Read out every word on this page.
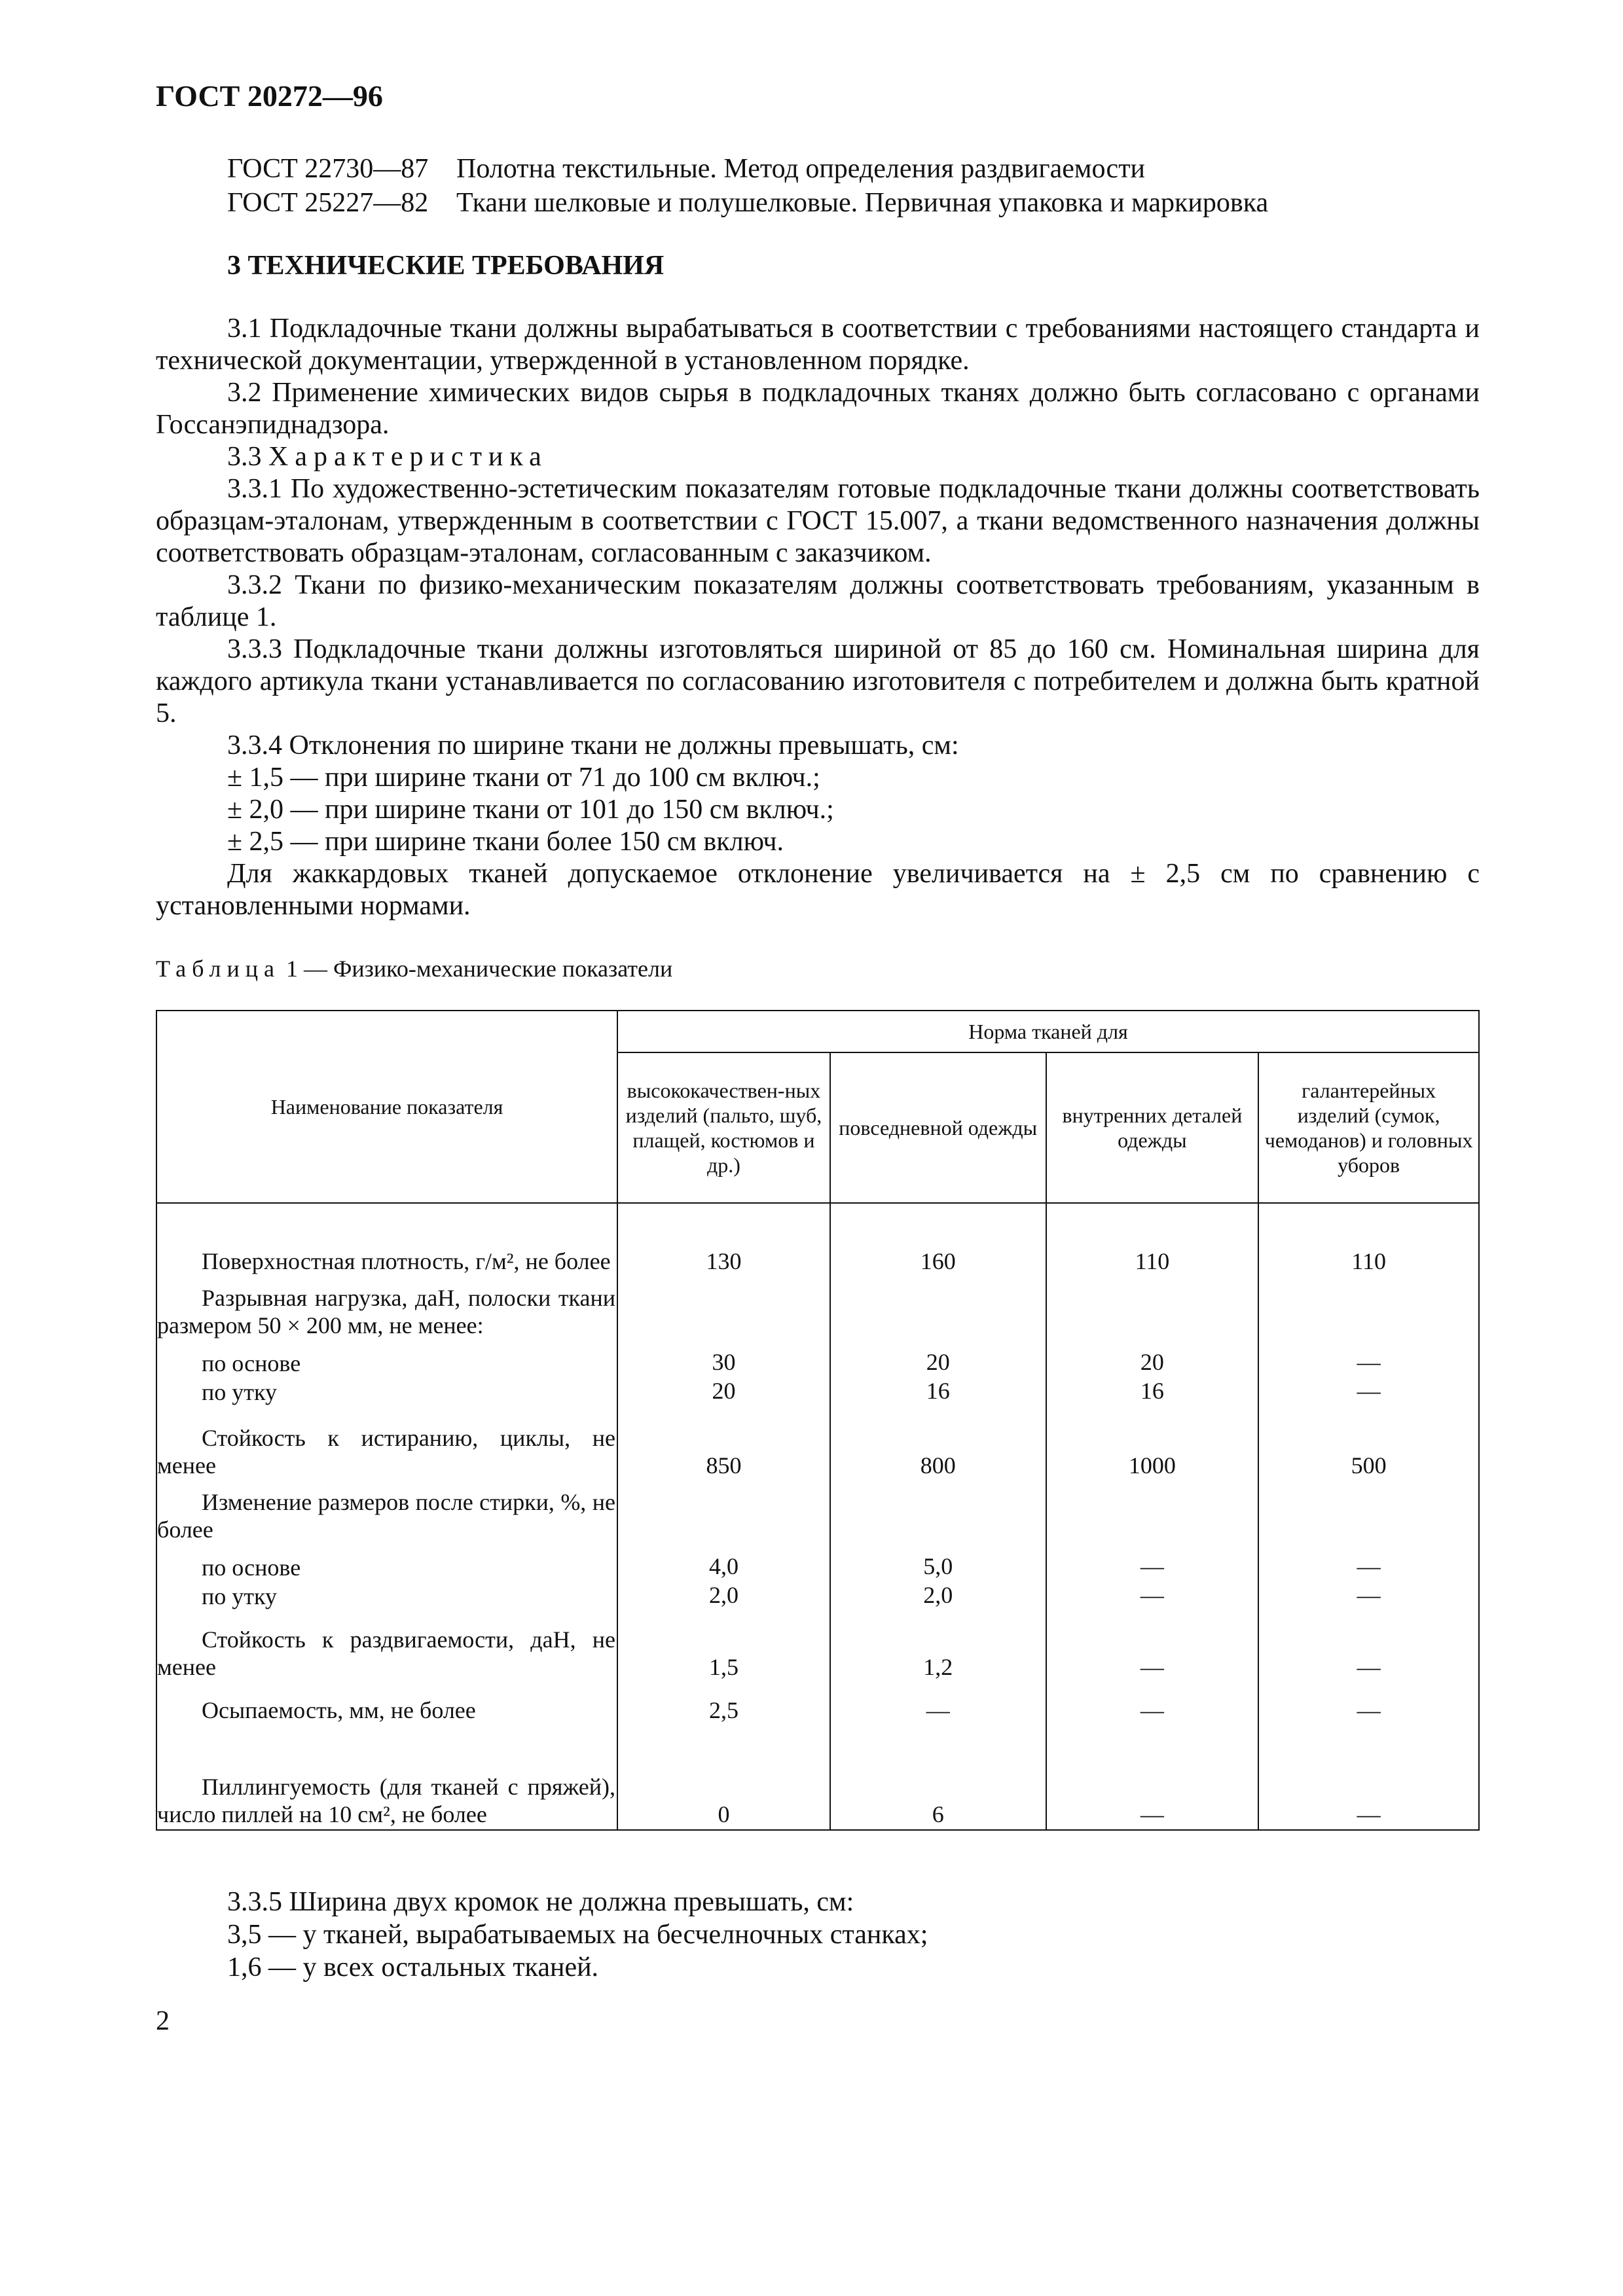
ГОСТ 20272—96
ГОСТ 22730—87 Полотна текстильные. Метод определения раздвигаемости
ГОСТ 25227—82 Ткани шелковые и полушелковые. Первичная упаковка и маркировка
3 ТЕХНИЧЕСКИЕ ТРЕБОВАНИЯ

3.1 Подкладочные ткани должны вырабатываться в соответствии с требованиями настоящего стандарта и технической документации, утвержденной в установленном порядке.

3.2 Применение химических видов сырья в подкладочных тканях должно быть согласовано с органами Госсанэпиднадзора.

3.3 Характеристика

3.3.1 По художественно-эстетическим показателям готовые подкладочные ткани должны соответствовать образцам-эталонам, утвержденным в соответствии с ГОСТ 15.007, а ткани ведомственного назначения должны соответствовать образцам-эталонам, согласованным с заказчиком.

3.3.2 Ткани по физико-механическим показателям должны соответствовать требованиям, указанным в таблице 1.

3.3.3 Подкладочные ткани должны изготовляться шириной от 85 до 160 см. Номинальная ширина для каждого артикула ткани устанавливается по согласованию изготовителя с потребителем и должна быть кратной 5.

3.3.4 Отклонения по ширине ткани не должны превышать, см:

± 1,5 — при ширине ткани от 71 до 100 см включ.;

± 2,0 — при ширине ткани от 101 до 150 см включ.;

± 2,5 — при ширине ткани более 150 см включ.

Для жаккардовых тканей допускаемое отклонение увеличивается на ± 2,5 см по сравнению с установленными нормами.

Таблица 1 — Физико-механические показатели
Наименование показателя	Норма тканей для			
	высококачествен-ных изделий (пальто, шуб, плащей, костюмов и др.)	повседневной одежды	внутренних деталей одежды	галантерейных изделий (сумок, чемоданов) и головных уборов
Поверхностная плотность, г/м², не более	130	160	110	110
Разрывная нагрузка, даН, полоски ткани размером 50 × 200 мм, не менее:				
по основе	30	20	20	—
по утку	20	16	16	—
Стойкость к истиранию, циклы, не менее	850	800	1000	500
Изменение размеров после стирки, %, не более				
по основе	4,0	5,0	—	—
по утку	2,0	2,0	—	—
Стойкость к раздвигаемости, даН, не менее	1,5	1,2	—	—
Осыпаемость, мм, не более	2,5	—	—	—
Пиллингуемость (для тканей с пряжей), число пиллей на 10 см², не более	0	6	—	—

3.3.5 Ширина двух кромок не должна превышать, см:

3,5 — у тканей, вырабатываемых на бесчелночных станках;

1,6 — у всех остальных тканей.

2
